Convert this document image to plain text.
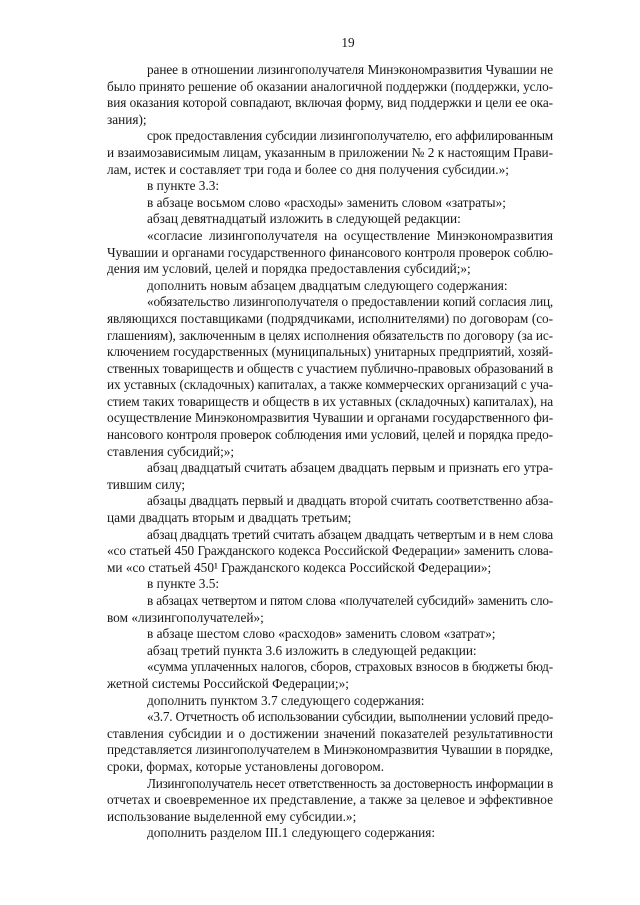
19
ранее в отношении лизингополучателя Минэкономразвития Чувашии не
было принято решение об оказании аналогичной поддержки (поддержки, усло-
вия оказания которой совпадают, включая форму, вид поддержки и цели ее ока-
зания);
срок предоставления субсидии лизингополучателю, его аффилированным
и взаимозависимым лицам, указанным в приложении № 2 к настоящим Прави-
лам, истек и составляет три года и более со дня получения субсидии.»;
в пункте 3.3:
в абзаце восьмом слово «расходы» заменить словом «затраты»;
абзац девятнадцатый изложить в следующей редакции:
«согласие лизингополучателя на осуществление Минэкономразвития
Чувашии и органами государственного финансового контроля проверок соблю-
дения им условий, целей и порядка предоставления субсидий;»;
дополнить новым абзацем двадцатым следующего содержания:
«обязательство лизингополучателя о предоставлении копий согласия лиц,
являющихся поставщиками (подрядчиками, исполнителями) по договорам (со-
глашениям), заключенным в целях исполнения обязательств по договору (за ис-
ключением государственных (муниципальных) унитарных предприятий, хозяй-
ственных товариществ и обществ с участием публично-правовых образований в
их уставных (складочных) капиталах, а также коммерческих организаций с уча-
стием таких товариществ и обществ в их уставных (складочных) капиталах), на
осуществление Минэкономразвития Чувашии и органами государственного фи-
нансового контроля проверок соблюдения ими условий, целей и порядка предо-
ставления субсидий;»;
абзац двадцатый считать абзацем двадцать первым и признать его утра-
тившим силу;
абзацы двадцать первый и двадцать второй считать соответственно абза-
цами двадцать вторым и двадцать третьим;
абзац двадцать третий считать абзацем двадцать четвертым и в нем слова
«со статьей 450 Гражданского кодекса Российской Федерации» заменить слова-
ми «со статьей 450¹ Гражданского кодекса Российской Федерации»;
в пункте 3.5:
в абзацах четвертом и пятом слова «получателей субсидий» заменить сло-
вом «лизингополучателей»;
в абзаце шестом слово «расходов» заменить словом «затрат»;
абзац третий пункта 3.6 изложить в следующей редакции:
«сумма уплаченных налогов, сборов, страховых взносов в бюджеты бюд-
жетной системы Российской Федерации;»;
дополнить пунктом 3.7 следующего содержания:
«3.7. Отчетность об использовании субсидии, выполнении условий предо-
ставления субсидии и о достижении значений показателей результативности
представляется лизингополучателем в Минэкономразвития Чувашии в порядке,
сроки, формах, которые установлены договором.
Лизингополучатель несет ответственность за достоверность информации в
отчетах и своевременное их представление, а также за целевое и эффективное
использование выделенной ему субсидии.»;
дополнить разделом III.1 следующего содержания:
